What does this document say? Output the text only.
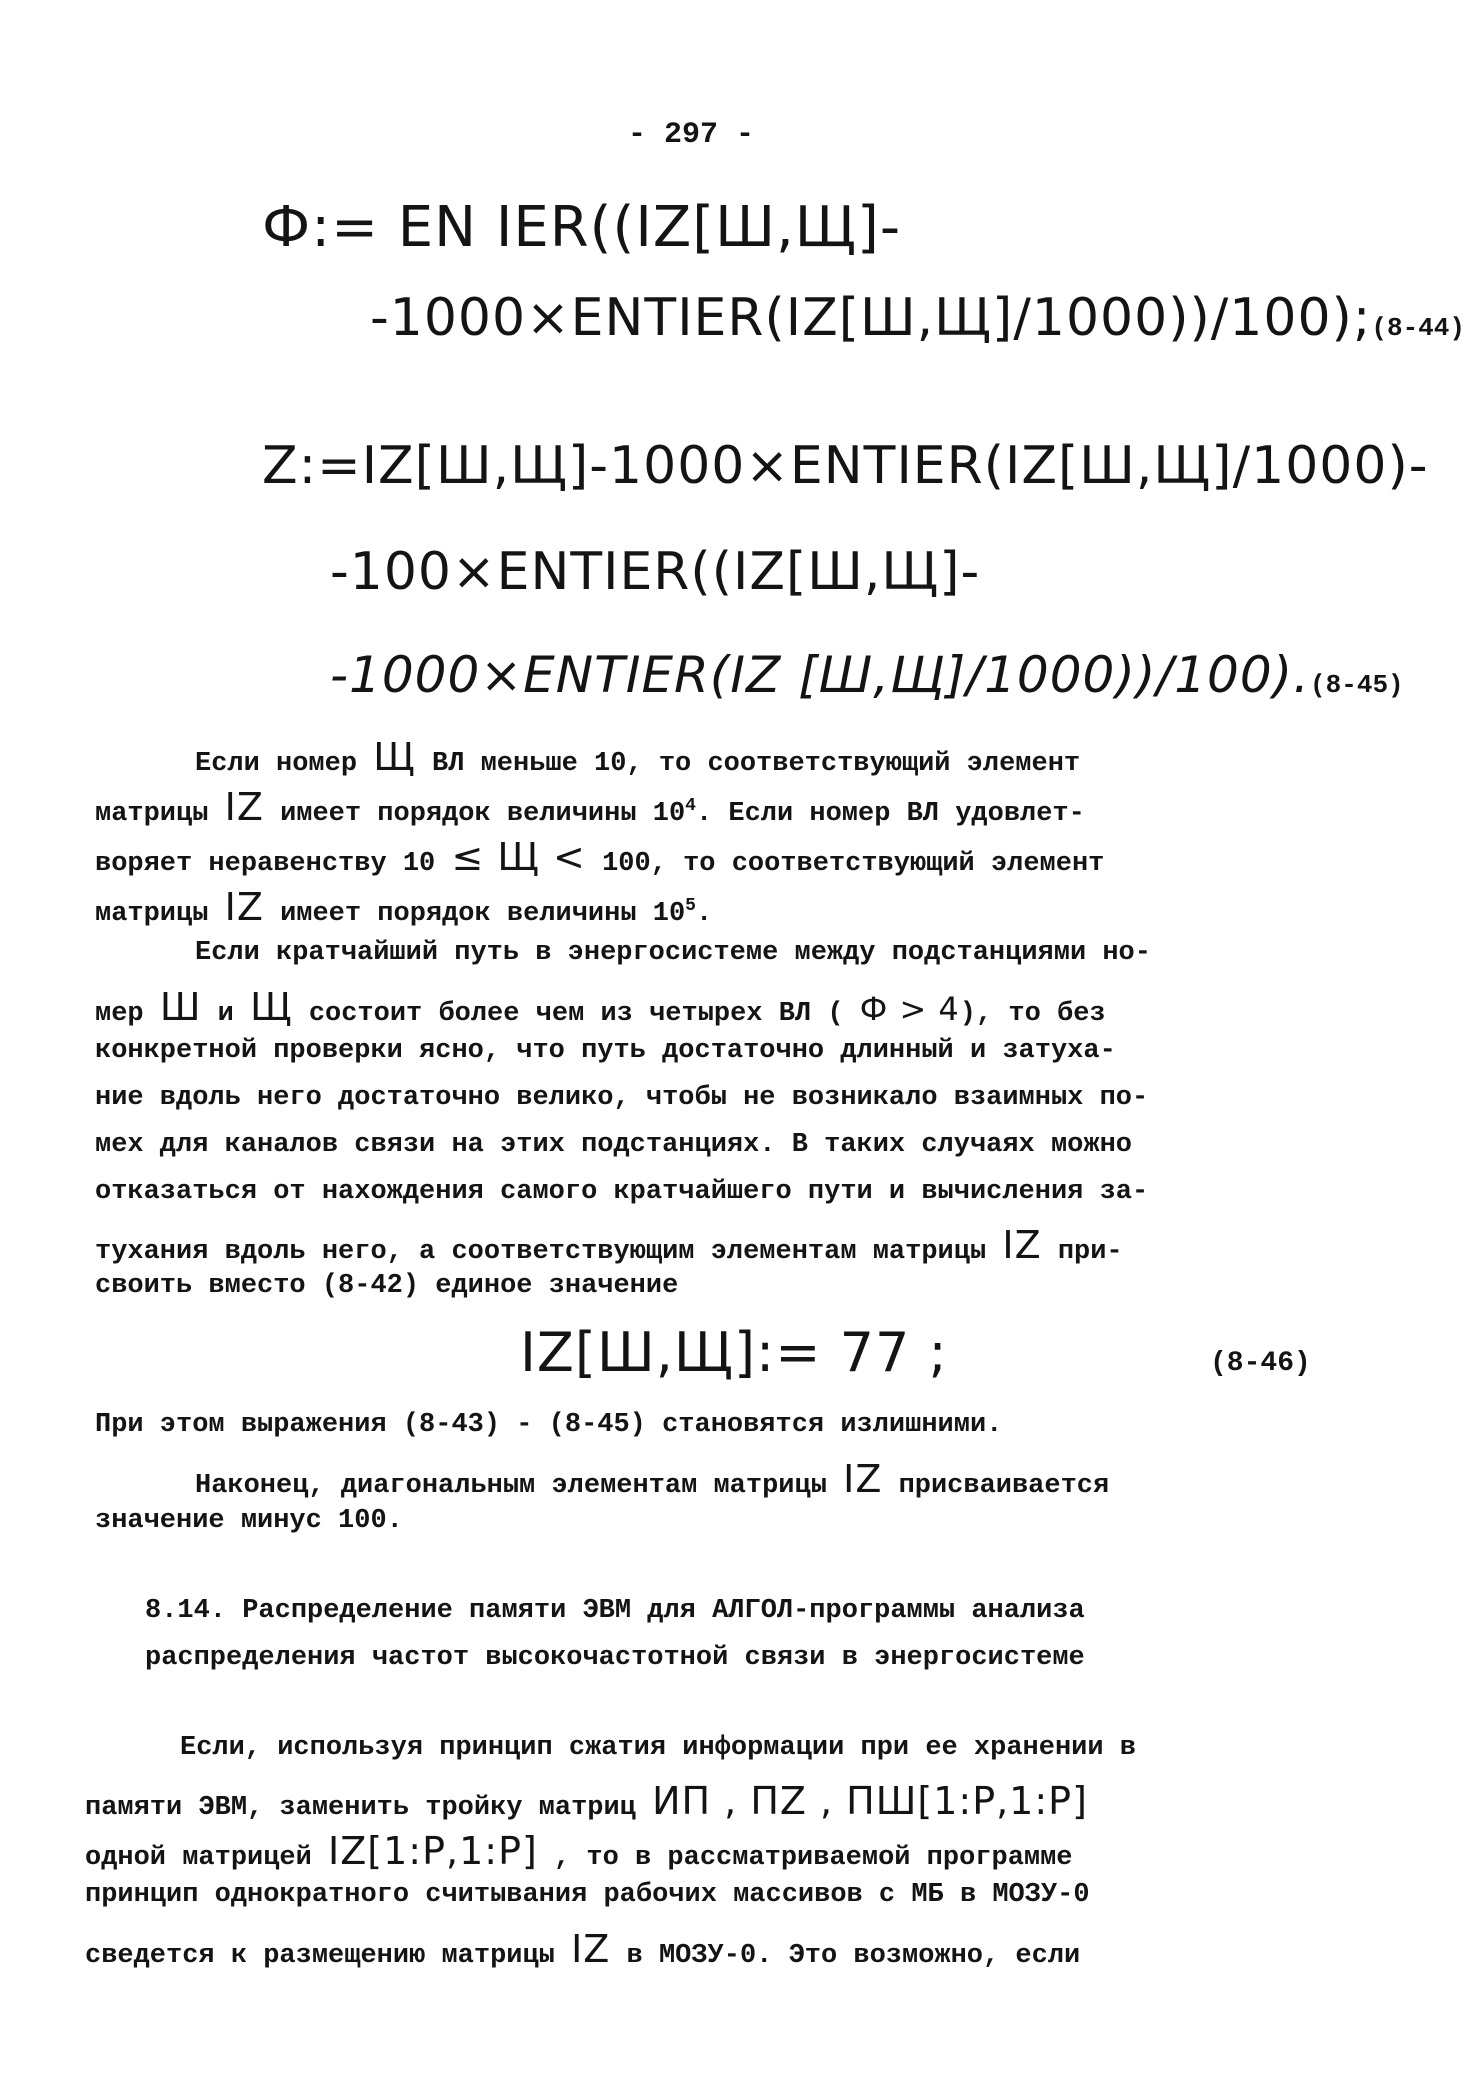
- 297 -
Ф:= EN IER((IZ[Ш,Щ]-
-1000×ENTIER(IZ[Ш,Щ]/1000))/100);(8-44)
Z:=IZ[Ш,Щ]-1000×ENTIER(IZ[Ш,Щ]/1000)-
-100×ENTIER((IZ[Ш,Щ]-
-1000×ENTIER(IZ [Ш,Щ]/1000))/100).(8-45)
Если номер Щ ВЛ меньше 10, то соответствующий элемент
матрицы IZ имеет порядок величины $10^4$. Если номер ВЛ удовлет-
воряет неравенству 10 ≤ Щ < 100, то соответствующий элемент
матрицы IZ имеет порядок величины $10^5$.
Если кратчайший путь в энергосистеме между подстанциями но-
мер Ш и Щ состоит более чем из четырех ВЛ ( Ф > 4), то без
конкретной проверки ясно, что путь достаточно длинный и затуха-
ние вдоль него достаточно велико, чтобы не возникало взаимных по-
мех для каналов связи на этих подстанциях. В таких случаях можно
отказаться от нахождения самого кратчайшего пути и вычисления за-
тухания вдоль него, а соответствующим элементам матрицы IZ при-
своить вместо (8-42) единое значение
IZ[Ш,Щ]:= 77 ;	(8-46)
При этом выражения (8-43) - (8-45) становятся излишними.
Наконец, диагональным элементам матрицы IZ присваивается
значение минус 100.
8.14. Распределение памяти ЭВМ для АЛГОЛ-программы анализа
распределения частот высокочастотной связи в энергосистеме
Если, используя принцип сжатия информации при ее хранении в
памяти ЭВМ, заменить тройку матриц ИП , ПZ , ПШ[1:P,1:P]
одной матрицей IZ[1:P,1:P] , то в рассматриваемой программе
принцип однократного считывания рабочих массивов с МБ в МОЗУ-0
сведется к размещению матрицы IZ в МОЗУ-0. Это возможно, если
